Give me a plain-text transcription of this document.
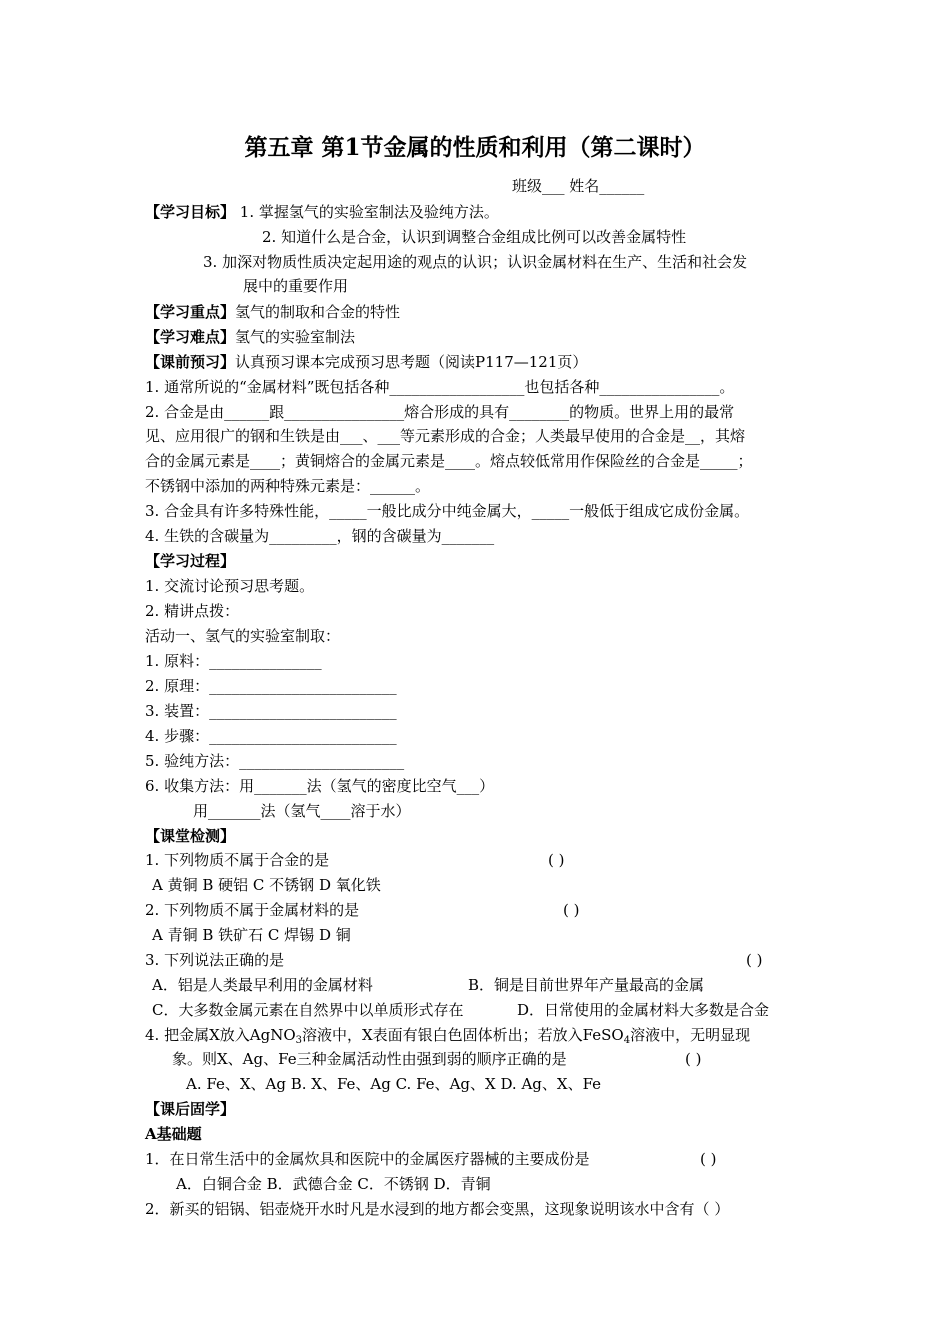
第五章 第1节金属的性质和利用（第二课时）
班级___ 姓名______
【学习目标】 1. 掌握氢气的实验室制法及验纯方法。
2. 知道什么是合金，认识到调整合金组成比例可以改善金属特性
3. 加深对物质性质决定起用途的观点的认识；认识金属材料在生产、生活和社会发
展中的重要作用
【学习重点】氢气的制取和合金的特性
【学习难点】氢气的实验室制法
【课前预习】认真预习课本完成预习思考题（阅读P117—121页）
1. 通常所说的“金属材料”既包括各种__________________也包括各种________________。
2. 合金是由______跟________________熔合形成的具有________的物质。世界上用的最常
见、应用很广的钢和生铁是由___、___等元素形成的合金；人类最早使用的合金是__，其熔
合的金属元素是____；黄铜熔合的金属元素是____。熔点较低常用作保险丝的合金是_____；
不锈钢中添加的两种特殊元素是：______。
3. 合金具有许多特殊性能，_____一般比成分中纯金属大，_____一般低于组成它成份金属。
4. 生铁的含碳量为_________，钢的含碳量为_______
【学习过程】
1. 交流讨论预习思考题。
2. 精讲点拨：
活动一、氢气的实验室制取：
1. 原料：_______________
2. 原理：_________________________
3. 装置：_________________________
4. 步骤：_________________________
5. 验纯方法：______________________
6. 收集方法：用_______法（氢气的密度比空气___）
用_______法（氢气____溶于水）
【课堂检测】
1. 下列物质不属于合金的是	( )
A 黄铜 B 硬铝 C 不锈钢 D 氧化铁
2. 下列物质不属于金属材料的是	( )
A 青铜 B 铁矿石 C 焊锡 D 铜
3. 下列说法正确的是	( )
A．铝是人类最早利用的金属材料	B．铜是目前世界年产量最高的金属
C．大多数金属元素在自然界中以单质形式存在	D．日常使用的金属材料大多数是合金
4. 把金属X放入AgNO$_3$溶液中，X表面有银白色固体析出；若放入FeSO$_4$溶液中，无明显现
象。则X、Ag、Fe三种金属活动性由强到弱的顺序正确的是	( )
A. Fe、X、Ag B. X、Fe、Ag C. Fe、Ag、X D. Ag、X、Fe
【课后固学】
A基础题
1．在日常生活中的金属炊具和医院中的金属医疗器械的主要成份是	( )
A．白铜合金 B．武德合金 C．不锈钢 D．青铜
2．新买的铝锅、铝壶烧开水时凡是水浸到的地方都会变黑，这现象说明该水中含有（ ）
